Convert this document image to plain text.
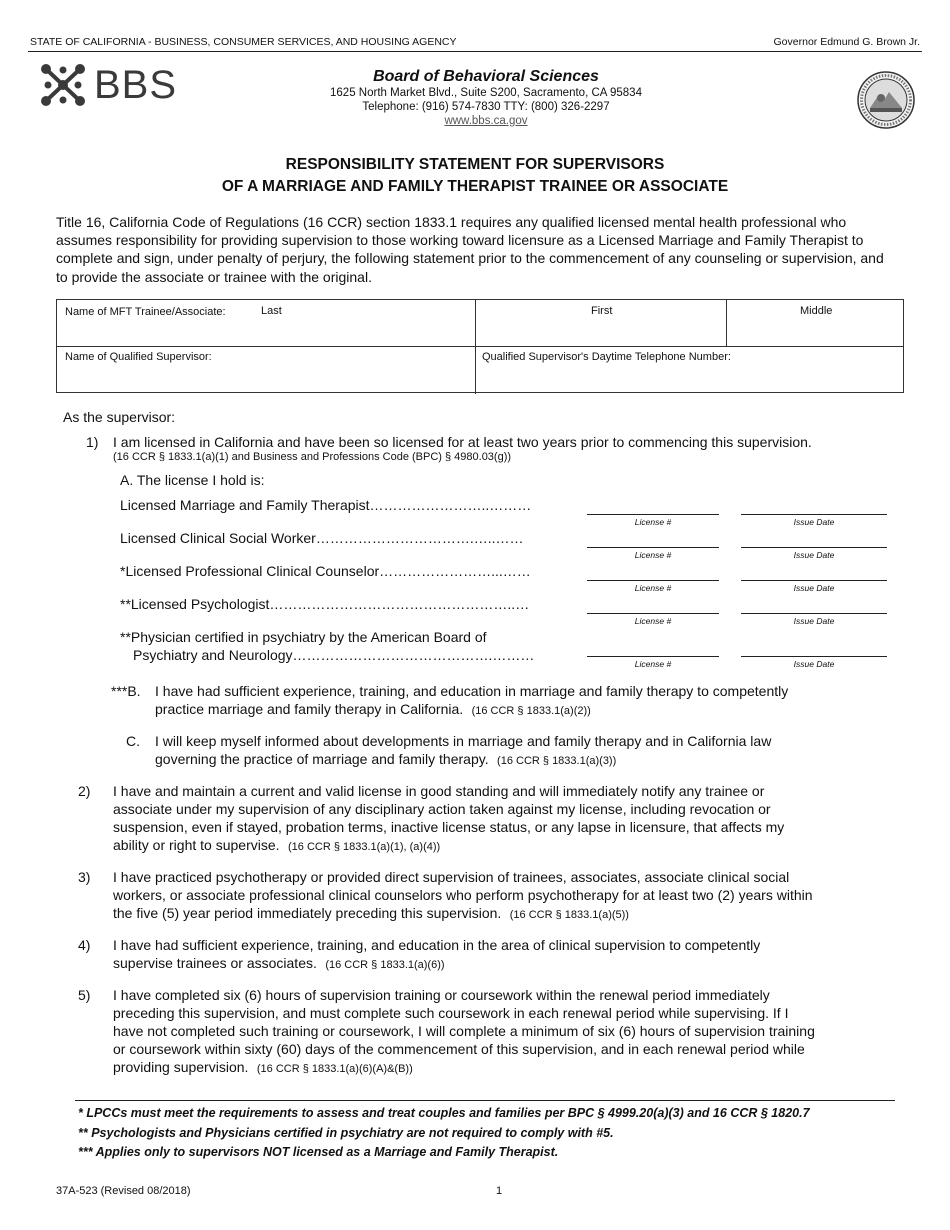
STATE OF CALIFORNIA - BUSINESS, CONSUMER SERVICES, AND HOUSING AGENCY	Governor Edmund G. Brown Jr.
BBS	Board of Behavioral Sciences
1625 North Market Blvd., Suite S200, Sacramento, CA 95834
Telephone: (916) 574-7830 TTY: (800) 326-2297
www.bbs.ca.gov
RESPONSIBILITY STATEMENT FOR SUPERVISORS
OF A MARRIAGE AND FAMILY THERAPIST TRAINEE OR ASSOCIATE
Title 16, California Code of Regulations (16 CCR) section 1833.1 requires any qualified licensed mental health professional who assumes responsibility for providing supervision to those working toward licensure as a Licensed Marriage and Family Therapist to complete and sign, under penalty of perjury, the following statement prior to the commencement of any counseling or supervision, and to provide the associate or trainee with the original.
Name of MFT Trainee/Associate:	Last	First	Middle
Name of Qualified Supervisor:	Qualified Supervisor's Daytime Telephone Number:
As the supervisor:
1) I am licensed in California and have been so licensed for at least two years prior to commencing this supervision.
(16 CCR § 1833.1(a)(1) and Business and Professions Code (BPC) § 4980.03(g))
A. The license I hold is:
Licensed Marriage and Family Therapist……………………..………
License #	Issue Date
Licensed Clinical Social Worker…………………………….…..……
License #	Issue Date
*Licensed Professional Clinical Counselor……………………...……
License #	Issue Date
**Licensed Psychologist……………………………………………..…
License #	Issue Date
**Physician certified in psychiatry by the American Board of
Psychiatry and Neurology…………………………………….………
License #	Issue Date
***B. I have had sufficient experience, training, and education in marriage and family therapy to competently
practice marriage and family therapy in California. (16 CCR § 1833.1(a)(2))
C. I will keep myself informed about developments in marriage and family therapy and in California law
governing the practice of marriage and family therapy. (16 CCR § 1833.1(a)(3))
2) I have and maintain a current and valid license in good standing and will immediately notify any trainee or
associate under my supervision of any disciplinary action taken against my license, including revocation or
suspension, even if stayed, probation terms, inactive license status, or any lapse in licensure, that affects my
ability or right to supervise. (16 CCR § 1833.1(a)(1), (a)(4))
3) I have practiced psychotherapy or provided direct supervision of trainees, associates, associate clinical social
workers, or associate professional clinical counselors who perform psychotherapy for at least two (2) years within
the five (5) year period immediately preceding this supervision. (16 CCR § 1833.1(a)(5))
4) I have had sufficient experience, training, and education in the area of clinical supervision to competently
supervise trainees or associates. (16 CCR § 1833.1(a)(6))
5) I have completed six (6) hours of supervision training or coursework within the renewal period immediately
preceding this supervision, and must complete such coursework in each renewal period while supervising. If I
have not completed such training or coursework, I will complete a minimum of six (6) hours of supervision training
or coursework within sixty (60) days of the commencement of this supervision, and in each renewal period while
providing supervision. (16 CCR § 1833.1(a)(6)(A)&(B))
* LPCCs must meet the requirements to assess and treat couples and families per BPC § 4999.20(a)(3) and 16 CCR § 1820.7
** Psychologists and Physicians certified in psychiatry are not required to comply with #5.
*** Applies only to supervisors NOT licensed as a Marriage and Family Therapist.
37A-523 (Revised 08/2018)	1
